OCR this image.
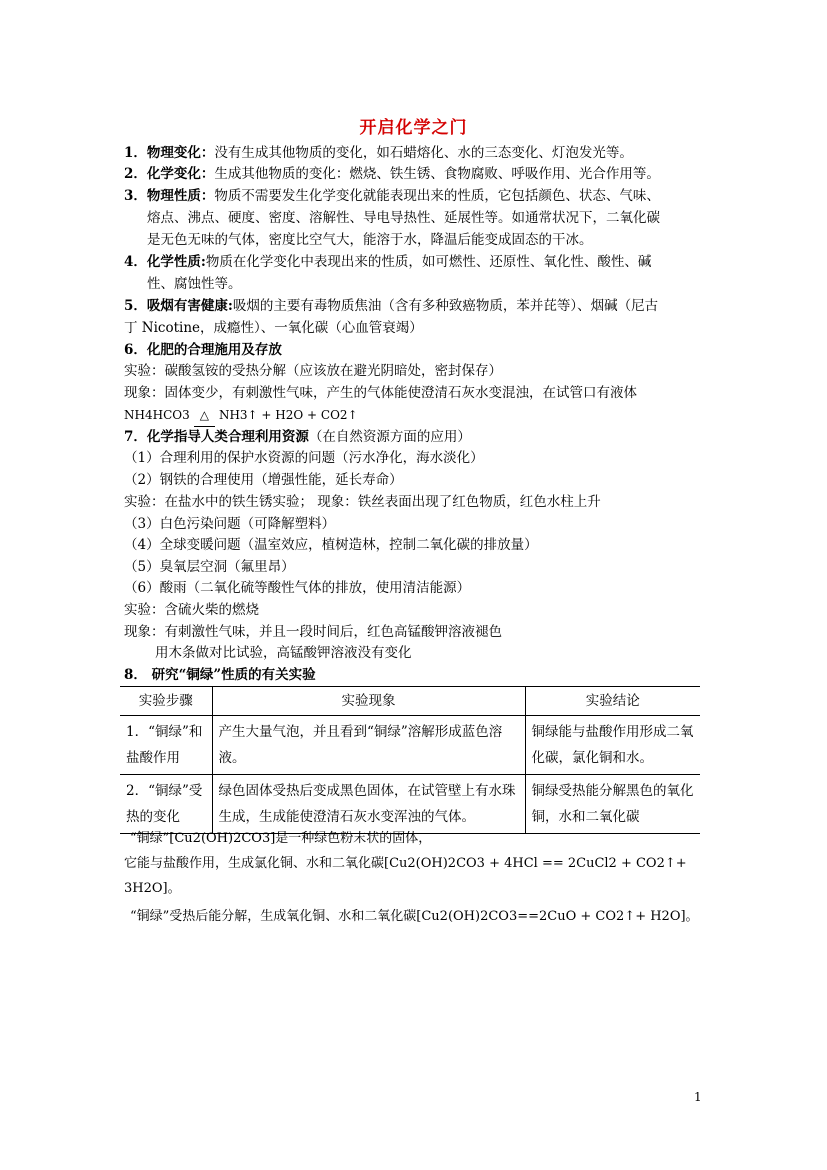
开启化学之门
1．物理变化：没有生成其他物质的变化，如石蜡熔化、水的三态变化、灯泡发光等。
2．化学变化：生成其他物质的变化：燃烧、铁生锈、食物腐败、呼吸作用、光合作用等。
3．物理性质：物质不需要发生化学变化就能表现出来的性质，它包括颜色、状态、气味、
熔点、沸点、硬度、密度、溶解性、导电导热性、延展性等。如通常状况下，二氧化碳
是无色无味的气体，密度比空气大，能溶于水，降温后能变成固态的干冰。
4．化学性质:物质在化学变化中表现出来的性质，如可燃性、还原性、氧化性、酸性、碱
性、腐蚀性等。
5．吸烟有害健康:吸烟的主要有毒物质焦油（含有多种致癌物质，苯并芘等）、烟碱（尼古
丁 Nicotine，成瘾性）、一氧化碳（心血管衰竭）
6．化肥的合理施用及存放
实验：碳酸氢铵的受热分解（应该放在避光阴暗处，密封保存）
现象：固体变少，有刺激性气味，产生的气体能使澄清石灰水变混浊，在试管口有液体
NH4HCO3 △ NH3↑ + H2O + CO2↑
7．化学指导人类合理利用资源（在自然资源方面的应用）
（1）合理利用的保护水资源的问题（污水净化，海水淡化）
（2）钢铁的合理使用（增强性能，延长寿命）
实验：在盐水中的铁生锈实验； 现象：铁丝表面出现了红色物质，红色水柱上升
（3）白色污染问题（可降解塑料）
（4）全球变暖问题（温室效应，植树造林，控制二氧化碳的排放量）
（5）臭氧层空洞（氟里昂）
（6）酸雨（二氧化硫等酸性气体的排放，使用清洁能源）
实验：含硫火柴的燃烧
现象：有刺激性气味，并且一段时间后，红色高锰酸钾溶液褪色
用木条做对比试验，高锰酸钾溶液没有变化
8． 研究“铜绿”性质的有关实验
实验步骤	实验现象	实验结论
1．“铜绿”和盐酸作用	产生大量气泡，并且看到“铜绿”溶解形成蓝色溶液。	铜绿能与盐酸作用形成二氧化碳，氯化铜和水。
2．“铜绿”受热的变化	绿色固体受热后变成黑色固体，在试管壁上有水珠生成，生成能使澄清石灰水变浑浊的气体。	铜绿受热能分解黑色的氧化铜，水和二氧化碳
“铜绿”[Cu2(OH)2CO3]是一种绿色粉末状的固体，
它能与盐酸作用，生成氯化铜、水和二氧化碳[Cu2(OH)2CO3 + 4HCl == 2CuCl2 + CO2↑+
3H2O]。
“铜绿”受热后能分解，生成氧化铜、水和二氧化碳[Cu2(OH)2CO3==2CuO + CO2↑+ H2O]。
1
